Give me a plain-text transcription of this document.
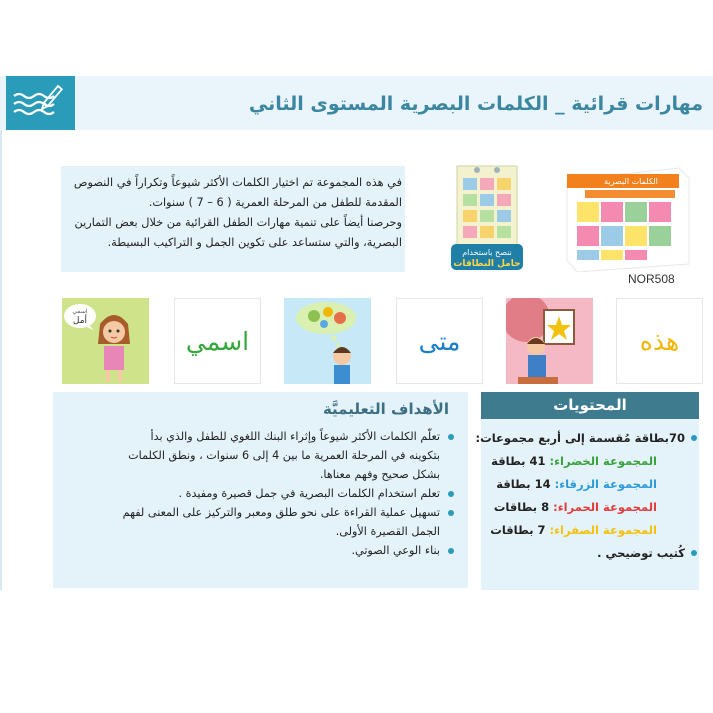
مهارات قرائية _ الكلمات البصرية المستوى الثاني
في هذه المجموعة تم اختيار الكلمات الأكثر شيوعاً وتكراراً في النصوص
المقدمة للطفل من المرحلة العمرية ( 6 – 7 ) سنوات.
وحرصنا أيضاً على تنمية مهارات الطفل القرائية من خلال بعض التمارين
البصرية، والتي ستساعد على تكوين الجمل و التراكيب البسيطة.
ننصح باستخدام
حامل البطاقات
الكلمات البصرية
NOR508
هذه
متى
اسمي
اسمي
أمل
الأهداف التعليميَّة
تعلّم الكلمات الأكثر شيوعاً وإثراء البنك اللغوي للطفل والذي بدأ
بتكوينه في المرحلة العمرية ما بين 4 إلى 6 سنوات ، ونطق الكلمات
بشكل صحيح وفهم معناها.
تعلم استخدام الكلمات البصرية في جمل قصيرة ومفيدة .
تسهيل عملية القراءة على نحو طلق ومعبر والتركيز على المعنى لفهم
الجمل القصيرة الأولى.
بناء الوعي الصوتي.
المحتويات
70بطاقة مُقسمة إلى أربع مجموعات:
المجموعة الخضراء: 41 بطاقة
المجموعة الزرقاء: 14 بطاقة
المجموعة الحمراء: 8 بطاقات
المجموعة الصفراء: 7 بطاقات
كُتيب توضيحي .
